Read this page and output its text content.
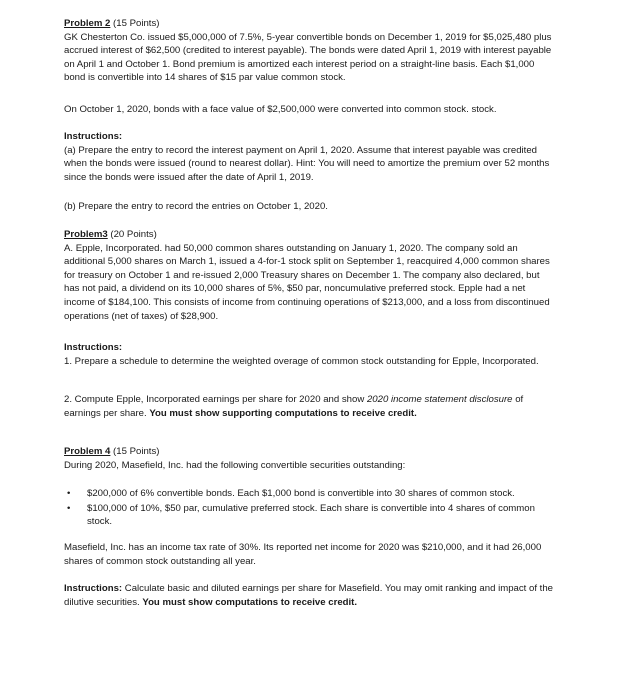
Problem 2 (15 Points)

GK Chesterton Co. issued $5,000,000 of 7.5%, 5-year convertible bonds on December 1, 2019 for $5,025,480 plus accrued interest of $62,500 (credited to interest payable). The bonds were dated April 1, 2019 with interest payable on April 1 and October 1. Bond premium is amortized each interest period on a straight-line basis. Each $1,000 bond is convertible into 14 shares of $15 par value common stock.

On October 1, 2020, bonds with a face value of $2,500,000 were converted into common stock. stock.

Instructions:

(a) Prepare the entry to record the interest payment on April 1, 2020. Assume that interest payable was credited when the bonds were issued (round to nearest dollar). Hint: You will need to amortize the premium over 52 months since the bonds were issued after the date of April 1, 2019.

(b) Prepare the entry to record the entries on October 1, 2020.

Problem3 (20 Points)

A. Epple, Incorporated. had 50,000 common shares outstanding on January 1, 2020. The company sold an additional 5,000 shares on March 1, issued a 4-for-1 stock split on September 1, reacquired 4,000 common shares for treasury on October 1 and re-issued 2,000 Treasury shares on December 1. The company also declared, but has not paid, a dividend on its 10,000 shares of 5%, $50 par, noncumulative preferred stock. Epple had a net income of $184,100. This consists of income from continuing operations of $213,000, and a loss from discontinued operations (net of taxes) of $28,900.

Instructions:

1. Prepare a schedule to determine the weighted overage of common stock outstanding for Epple, Incorporated.

2. Compute Epple, Incorporated earnings per share for 2020 and show 2020 income statement disclosure of earnings per share. You must show supporting computations to receive credit.

Problem 4 (15 Points)

During 2020, Masefield, Inc. had the following convertible securities outstanding:

• $200,000 of 6% convertible bonds. Each $1,000 bond is convertible into 30 shares of common stock.
• $100,000 of 10%, $50 par, cumulative preferred stock. Each share is convertible into 4 shares of common stock.

Masefield, Inc. has an income tax rate of 30%. Its reported net income for 2020 was $210,000, and it had 26,000 shares of common stock outstanding all year.

Instructions: Calculate basic and diluted earnings per share for Masefield. You may omit ranking and impact of the dilutive securities. You must show computations to receive credit.
